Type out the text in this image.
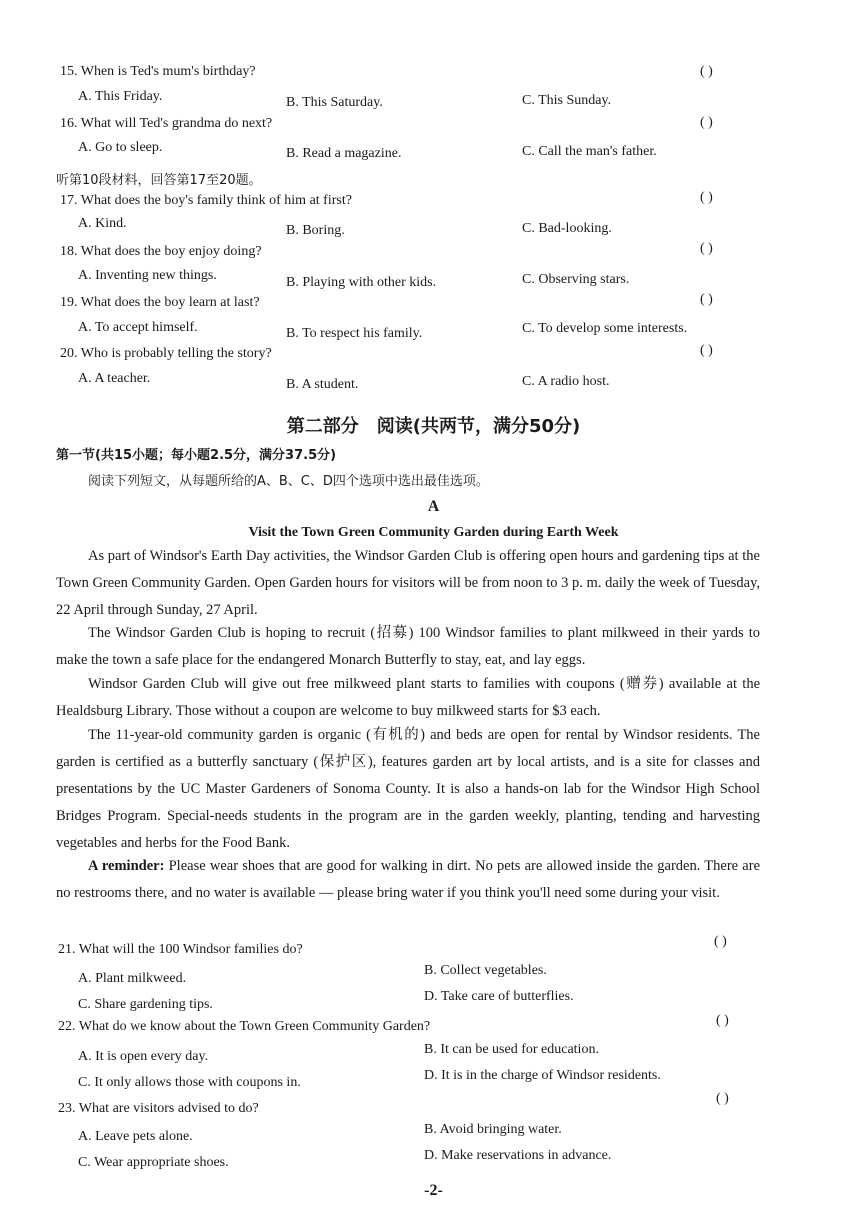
15. When is Ted's mum's birthday?	( )
A. This Friday.	B. This Saturday.	C. This Sunday.
16. What will Ted's grandma do next?	( )
A. Go to sleep.	B. Read a magazine.	C. Call the man's father.
听第10段材料，回答第17至20题。
17. What does the boy's family think of him at first?	( )
A. Kind.	B. Boring.	C. Bad-looking.
18. What does the boy enjoy doing?	( )
A. Inventing new things.	B. Playing with other kids.	C. Observing stars.
19. What does the boy learn at last?	( )
A. To accept himself.	B. To respect his family.	C. To develop some interests.
20. Who is probably telling the story?	( )
A. A teacher.	B. A student.	C. A radio host.
第二部分　阅读(共两节，满分50分)
第一节(共15小题；每小题2.5分，满分37.5分)
阅读下列短文，从每题所给的A、B、C、D四个选项中选出最佳选项。
A
Visit the Town Green Community Garden during Earth Week
As part of Windsor's Earth Day activities, the Windsor Garden Club is offering open hours and gardening tips at the Town Green Community Garden. Open Garden hours for visitors will be from noon to 3 p. m. daily the week of Tuesday, 22 April through Sunday, 27 April.
The Windsor Garden Club is hoping to recruit (招募) 100 Windsor families to plant milkweed in their yards to make the town a safe place for the endangered Monarch Butterfly to stay, eat, and lay eggs.
Windsor Garden Club will give out free milkweed plant starts to families with coupons (赠券) available at the Healdsburg Library. Those without a coupon are welcome to buy milkweed starts for $3 each.
The 11-year-old community garden is organic (有机的) and beds are open for rental by Windsor residents. The garden is certified as a butterfly sanctuary (保护区), features garden art by local artists, and is a site for classes and presentations by the UC Master Gardeners of Sonoma County. It is also a hands-on lab for the Windsor High School Bridges Program. Special-needs students in the program are in the garden weekly, planting, tending and harvesting vegetables and herbs for the Food Bank.
A reminder: Please wear shoes that are good for walking in dirt. No pets are allowed inside the garden. There are no restrooms there, and no water is available — please bring water if you think you'll need some during your visit.
21. What will the 100 Windsor families do?
( )
A. Plant milkweed.
B. Collect vegetables.
C. Share gardening tips.
D. Take care of butterflies.
22. What do we know about the Town Green Community Garden?	( )
A. It is open every day.	B. It can be used for education.
C. It only allows those with coupons in.	D. It is in the charge of Windsor residents.
23. What are visitors advised to do?
( )
A. Leave pets alone.	B. Avoid bringing water.
C. Wear appropriate shoes.	D. Make reservations in advance.
-2-
